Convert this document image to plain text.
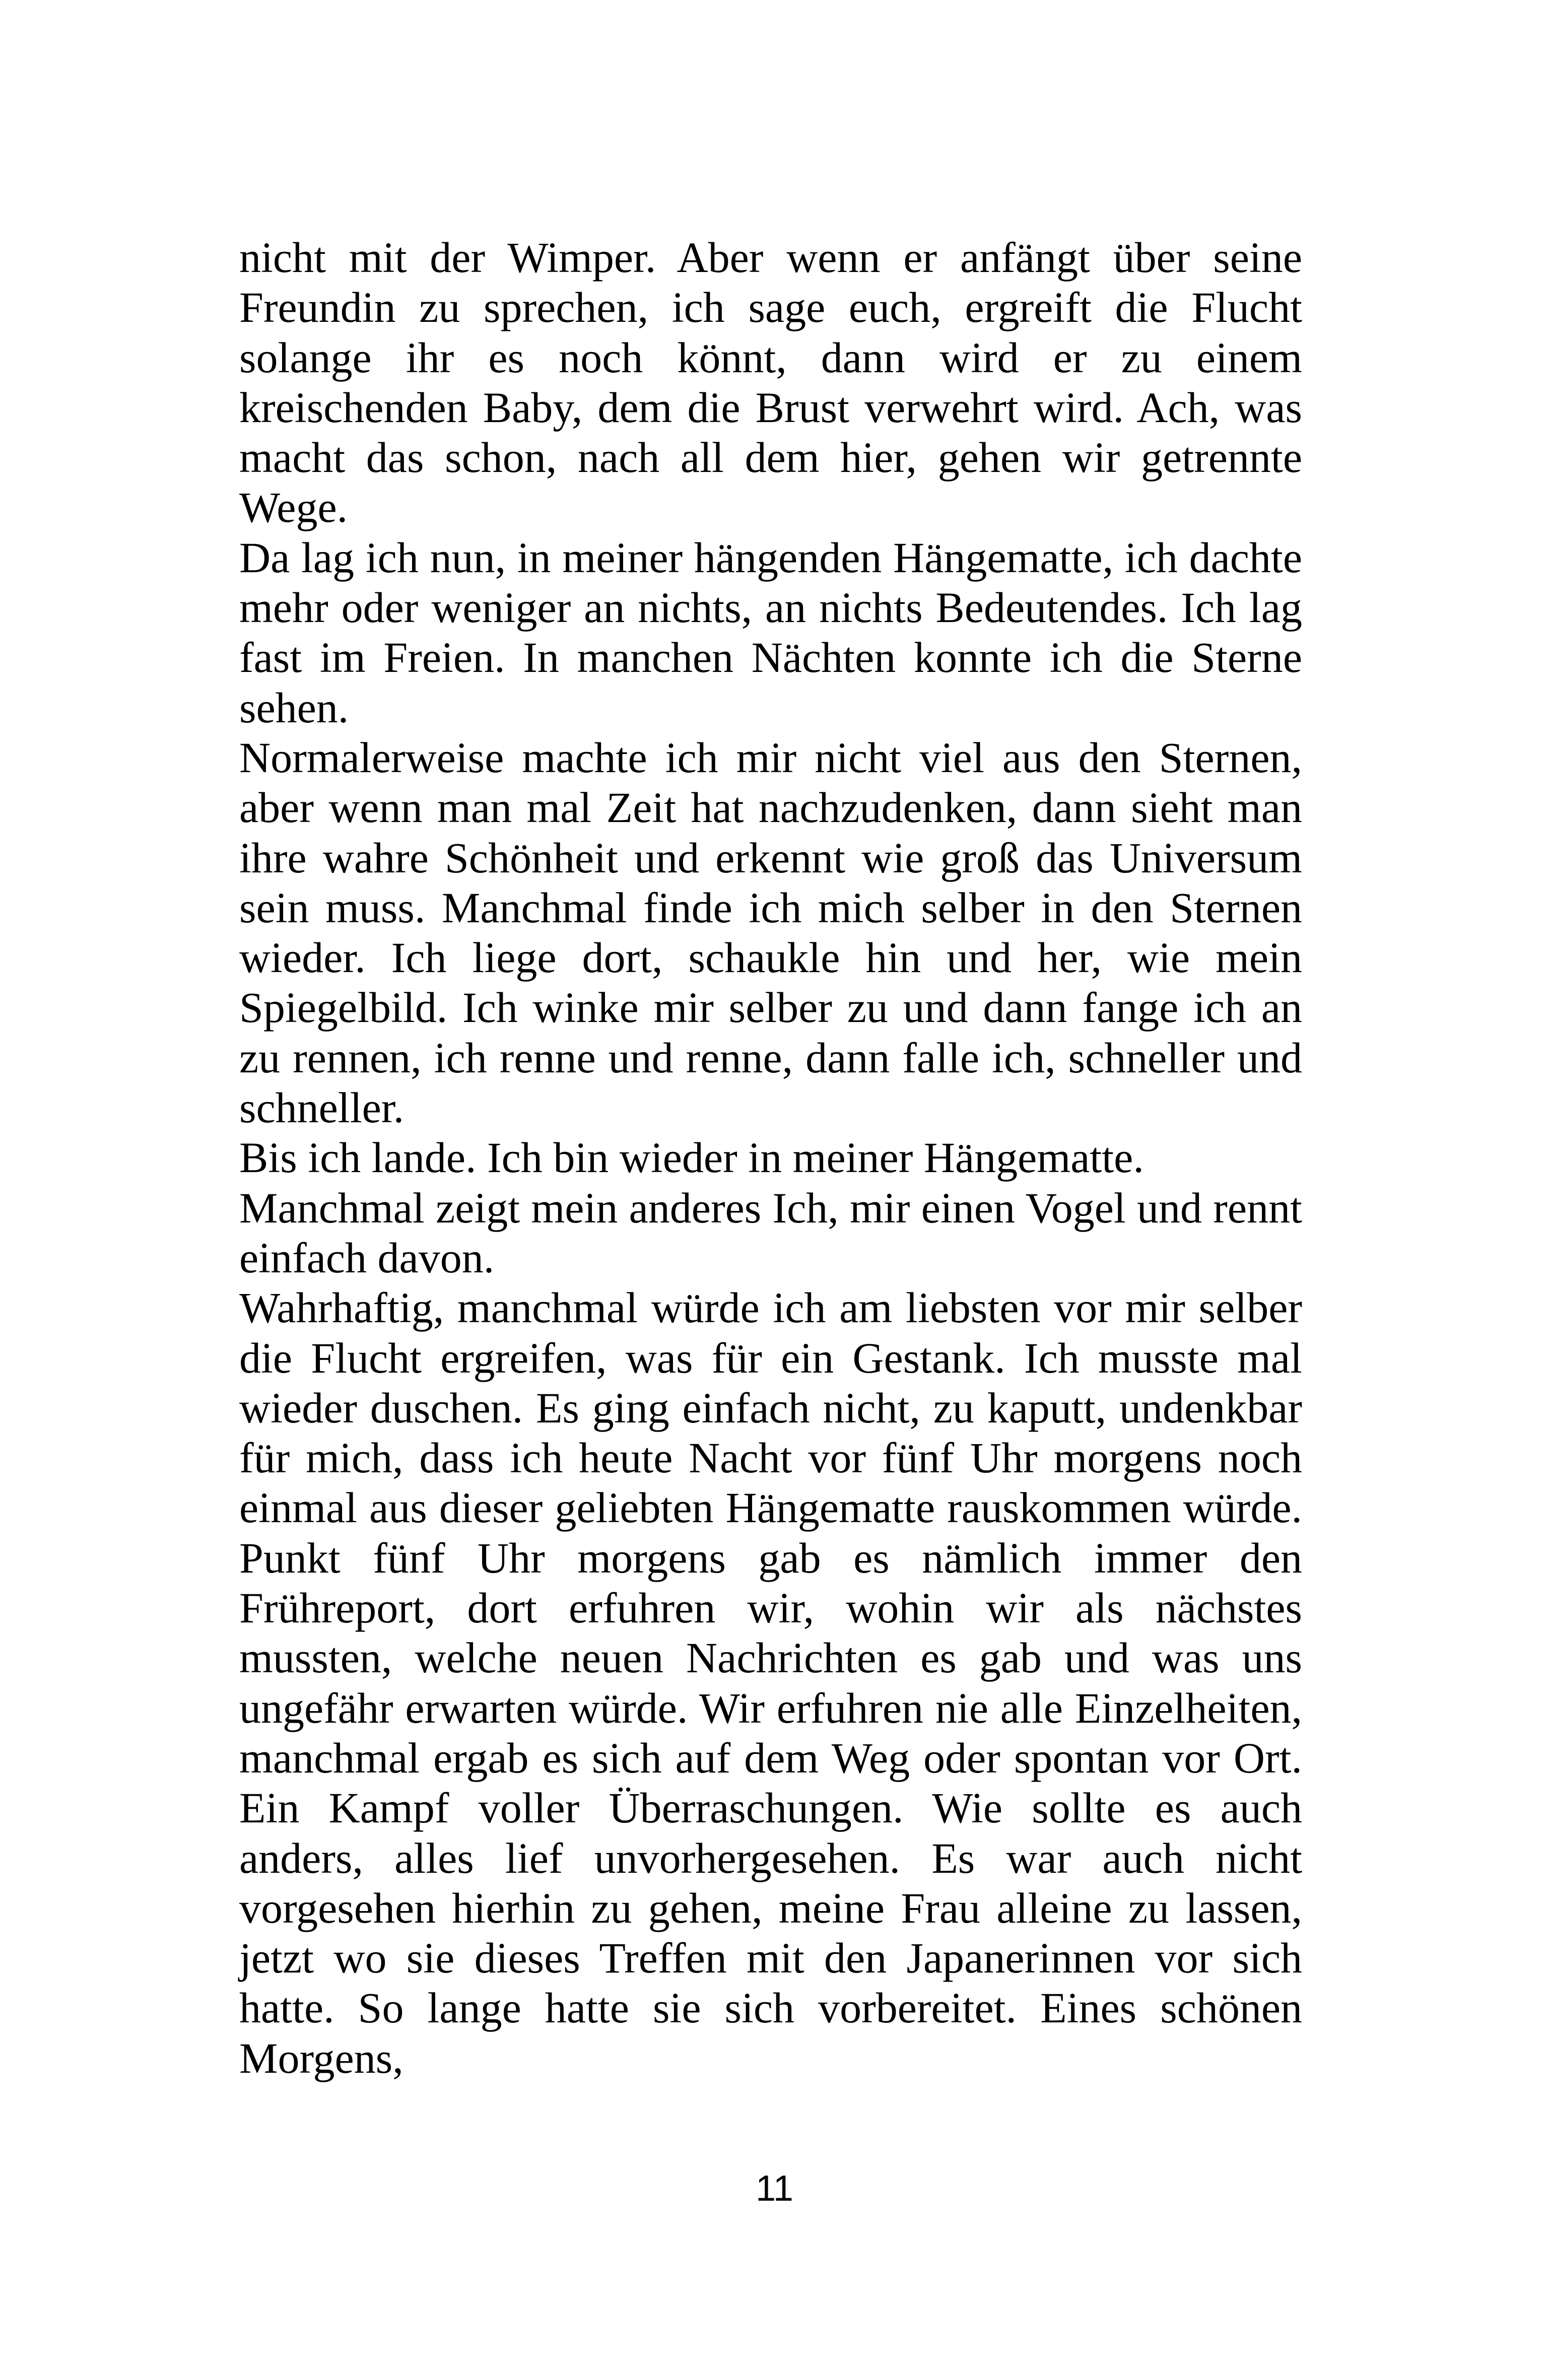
nicht mit der Wimper. Aber wenn er anfängt über seine Freundin zu sprechen, ich sage euch, ergreift die Flucht solange ihr es noch könnt, dann wird er zu einem kreischenden Baby, dem die Brust verwehrt wird. Ach, was macht das schon, nach all dem hier, gehen wir getrennte Wege.

Da lag ich nun, in meiner hängenden Hängematte, ich dachte mehr oder weniger an nichts, an nichts Bedeutendes. Ich lag fast im Freien. In manchen Nächten konnte ich die Sterne sehen.

Normalerweise machte ich mir nicht viel aus den Sternen, aber wenn man mal Zeit hat nachzudenken, dann sieht man ihre wahre Schönheit und erkennt wie groß das Universum sein muss. Manchmal finde ich mich selber in den Sternen wieder. Ich liege dort, schaukle hin und her, wie mein Spiegelbild. Ich winke mir selber zu und dann fange ich an zu rennen, ich renne und renne, dann falle ich, schneller und schneller.

Bis ich lande. Ich bin wieder in meiner Hängematte.

Manchmal zeigt mein anderes Ich, mir einen Vogel und rennt einfach davon.

Wahrhaftig, manchmal würde ich am liebsten vor mir selber die Flucht ergreifen, was für ein Gestank. Ich musste mal wieder duschen. Es ging einfach nicht, zu kaputt, undenkbar für mich, dass ich heute Nacht vor fünf Uhr morgens noch einmal aus dieser geliebten Hängematte rauskommen würde. Punkt fünf Uhr morgens gab es nämlich immer den Frühreport, dort erfuhren wir, wohin wir als nächstes mussten, welche neuen Nachrichten es gab und was uns ungefähr erwarten würde. Wir erfuhren nie alle Einzelheiten, manchmal ergab es sich auf dem Weg oder spontan vor Ort. Ein Kampf voller Überraschungen. Wie sollte es auch anders, alles lief unvorhergesehen. Es war auch nicht vorgesehen hierhin zu gehen, meine Frau alleine zu lassen, jetzt wo sie dieses Treffen mit den Japanerinnen vor sich hatte. So lange hatte sie sich vorbereitet. Eines schönen Morgens,

11
